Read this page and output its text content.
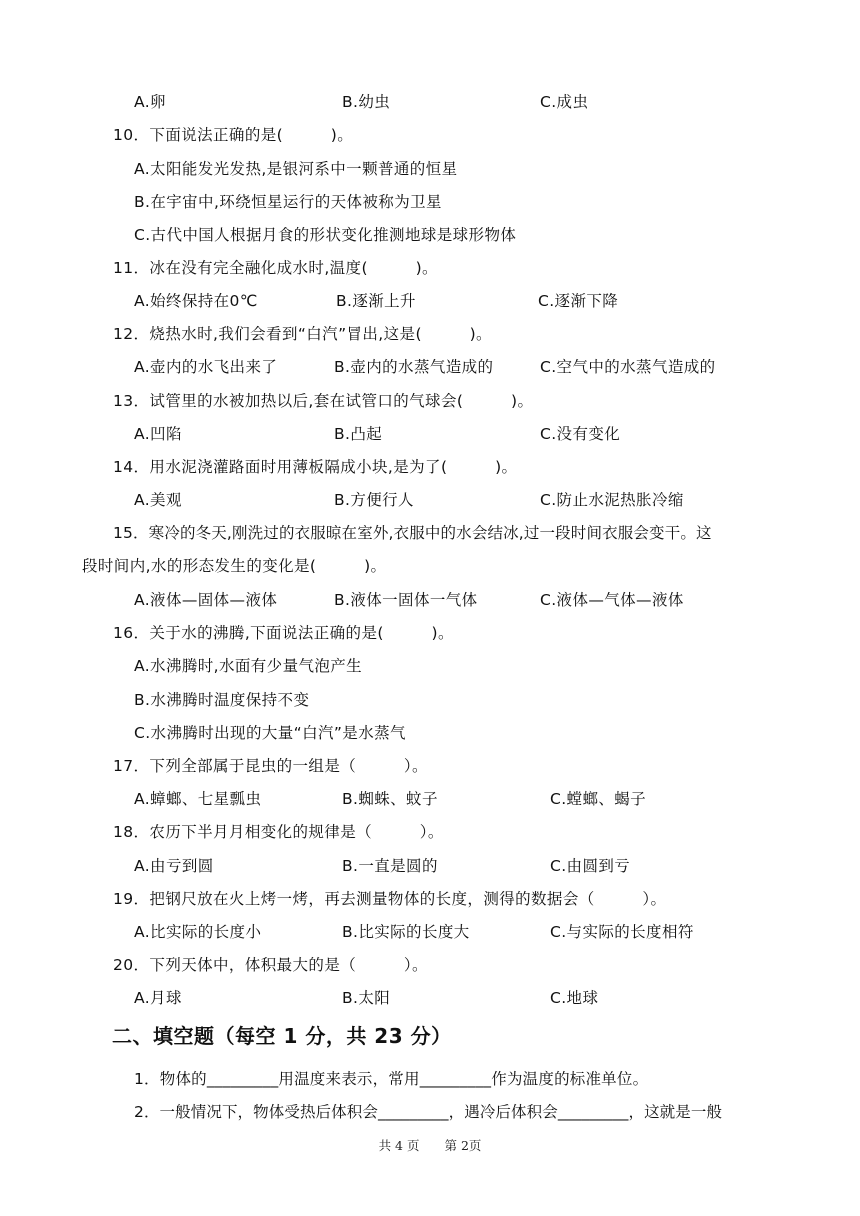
A.卵	B.幼虫	C.成虫
10．下面说法正确的是(　　　)。
A.太阳能发光发热,是银河系中一颗普通的恒星
B.在宇宙中,环绕恒星运行的天体被称为卫星
C.古代中国人根据月食的形状变化推测地球是球形物体
11．冰在没有完全融化成水时,温度(　　　)。
A.始终保持在0℃	B.逐渐上升	C.逐渐下降
12．烧热水时,我们会看到“白汽”冒出,这是(　　　)。
A.壶内的水飞出来了	B.壶内的水蒸气造成的	C.空气中的水蒸气造成的
13．试管里的水被加热以后,套在试管口的气球会(　　　)。
A.凹陷	B.凸起	C.没有变化
14．用水泥浇灌路面时用薄板隔成小块,是为了(　　　)。
A.美观	B.方便行人	C.防止水泥热胀冷缩
15．寒冷的冬天,刚洗过的衣服晾在室外,衣服中的水会结冰,过一段时间衣服会变干。这
段时间内,水的形态发生的变化是(　　　)。
A.液体—固体—液体	B.液体一固体一气体	C.液体—气体—液体
16．关于水的沸腾,下面说法正确的是(　　　)。
A.水沸腾时,水面有少量气泡产生
B.水沸腾时温度保持不变
C.水沸腾时出现的大量“白汽”是水蒸气
17．下列全部属于昆虫的一组是（　　　）。
A.蟑螂、七星瓢虫	B.蜘蛛、蚊子	C.螳螂、蝎子
18．农历下半月月相变化的规律是（　　　）。
A.由亏到圆	B.一直是圆的	C.由圆到亏
19．把钢尺放在火上烤一烤，再去测量物体的长度，测得的数据会（　　　）。
A.比实际的长度小	B.比实际的长度大	C.与实际的长度相符
20．下列天体中，体积最大的是（　　　）。
A.月球	B.太阳	C.地球
二、填空题（每空 1 分，共 23 分）
1．物体的_________用温度来表示，常用_________作为温度的标准单位。
2．一般情况下，物体受热后体积会_________，遇冷后体积会_________，这就是一般
共 4 页　　第 2页
